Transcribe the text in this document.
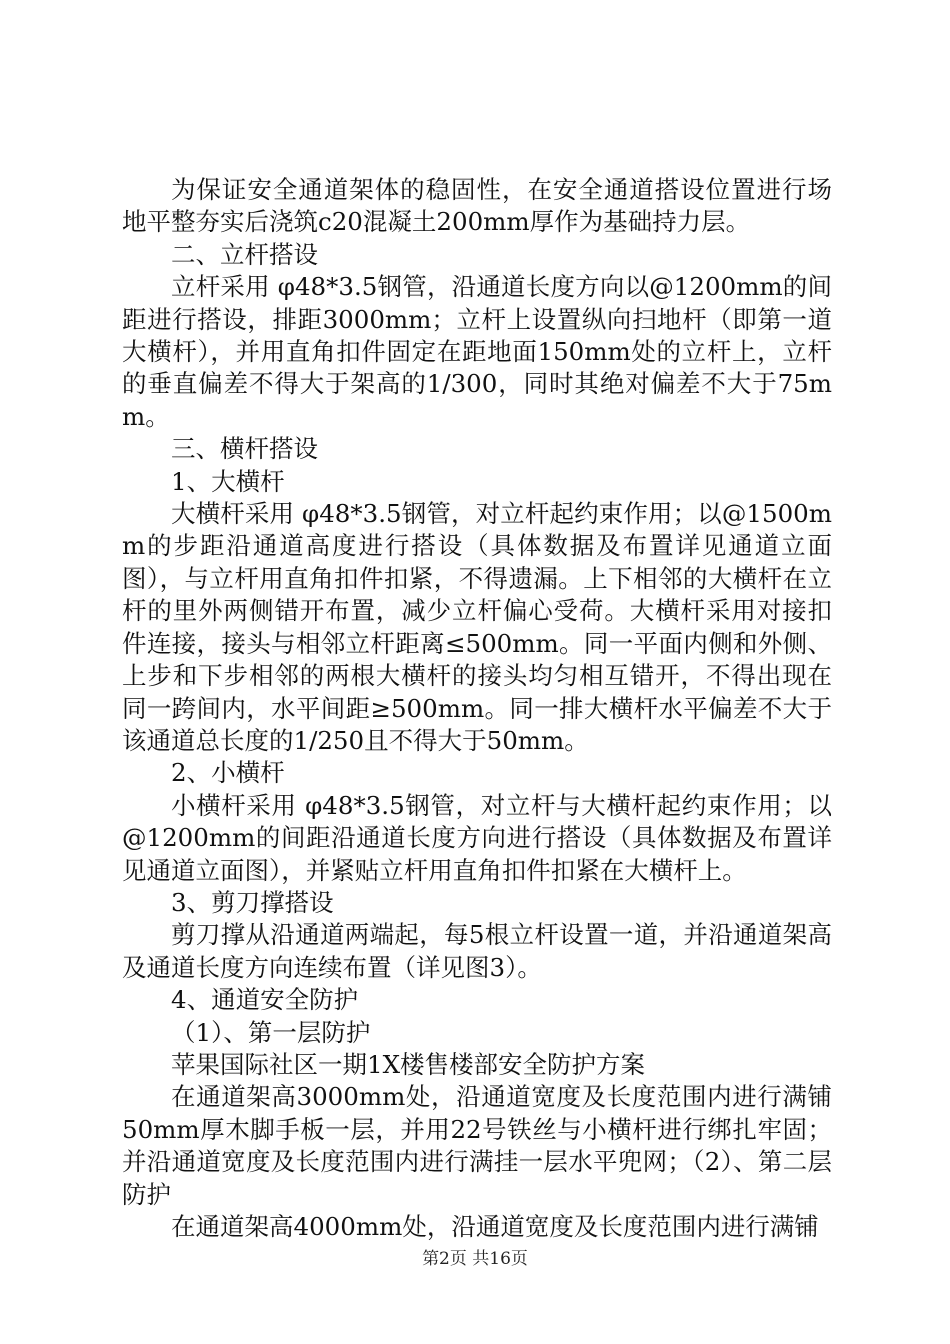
为保证安全通道架体的稳固性，在安全通道搭设位置进行场地平整夯实后浇筑c20混凝土200mm厚作为基础持力层。

二、立杆搭设

立杆采用 φ48*3.5钢管，沿通道长度方向以@1200mm的间距进行搭设，排距3000mm；立杆上设置纵向扫地杆（即第一道大横杆），并用直角扣件固定在距地面150mm处的立杆上，立杆的垂直偏差不得大于架高的1/300，同时其绝对偏差不大于75mm。

三、横杆搭设

1、大横杆

大横杆采用 φ48*3.5钢管，对立杆起约束作用；以@1500mm的步距沿通道高度进行搭设（具体数据及布置详见通道立面图），与立杆用直角扣件扣紧，不得遗漏。上下相邻的大横杆在立杆的里外两侧错开布置，减少立杆偏心受荷。大横杆采用对接扣件连接，接头与相邻立杆距离≤500mm。同一平面内侧和外侧、上步和下步相邻的两根大横杆的接头均匀相互错开，不得出现在同一跨间内，水平间距≥500mm。同一排大横杆水平偏差不大于该通道总长度的1/250且不得大于50mm。

2、小横杆

小横杆采用 φ48*3.5钢管，对立杆与大横杆起约束作用；以@1200mm的间距沿通道长度方向进行搭设（具体数据及布置详见通道立面图），并紧贴立杆用直角扣件扣紧在大横杆上。

3、剪刀撑搭设

剪刀撑从沿通道两端起，每5根立杆设置一道，并沿通道架高及通道长度方向连续布置（详见图3）。

4、通道安全防护

（1）、第一层防护

苹果国际社区一期1X楼售楼部安全防护方案

在通道架高3000mm处，沿通道宽度及长度范围内进行满铺50mm厚木脚手板一层，并用22号铁丝与小横杆进行绑扎牢固；并沿通道宽度及长度范围内进行满挂一层水平兜网；（2）、第二层防护

在通道架高4000mm处，沿通道宽度及长度范围内进行满铺

第2页 共16页
